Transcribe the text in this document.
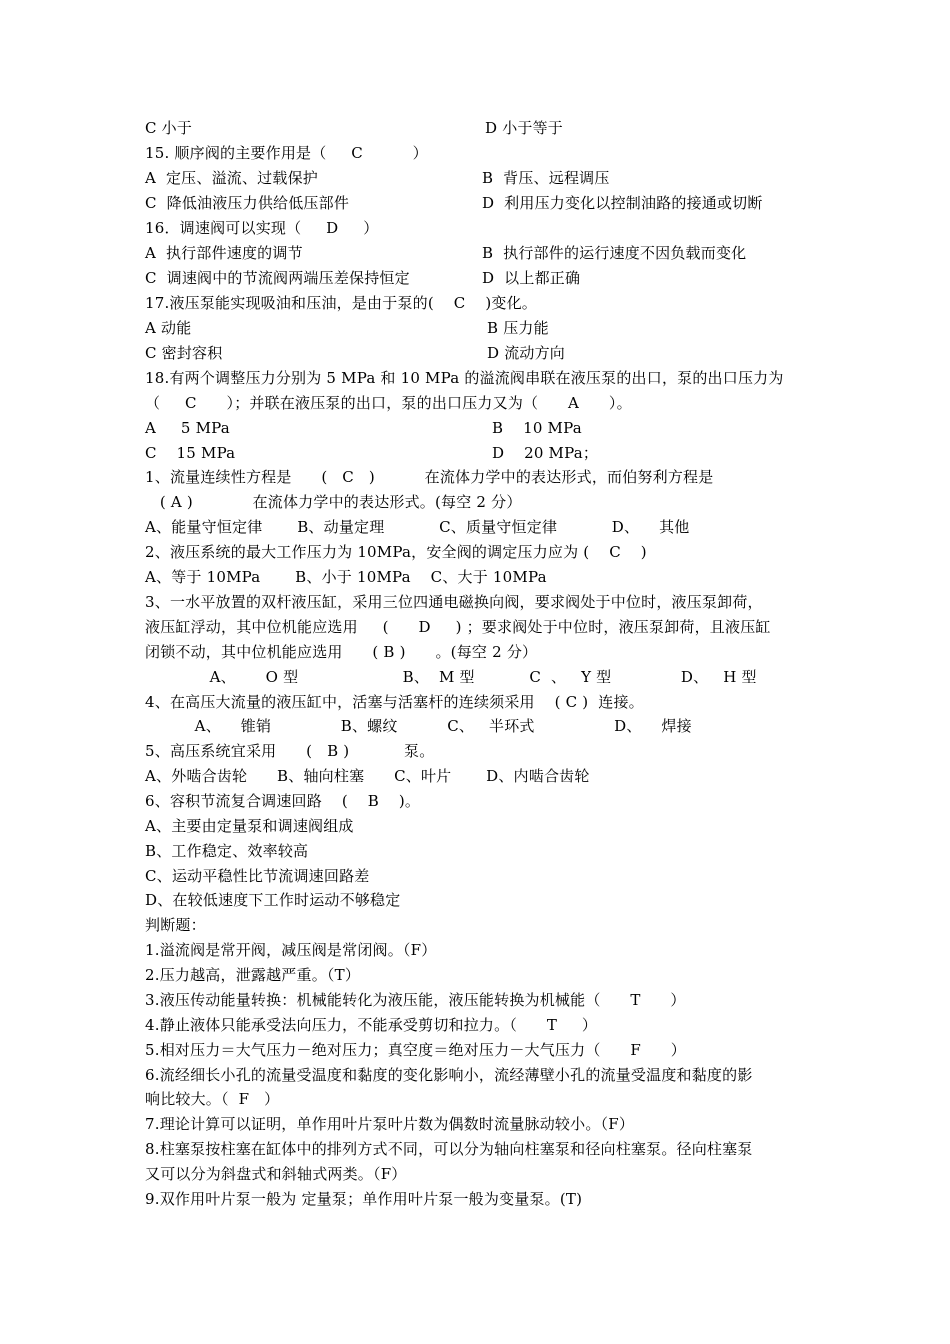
C 小于	D 小于等于
15. 顺序阀的主要作用是（     C          ）
A  定压、溢流、过载保护	B  背压、远程调压
C  降低油液压力供给低压部件	D  利用压力变化以控制油路的接通或切断
16．调速阀可以实现（     D     ）
A  执行部件速度的调节	B  执行部件的运行速度不因负载而变化
C  调速阀中的节流阀两端压差保持恒定	D  以上都正确
17.液压泵能实现吸油和压油，是由于泵的(    C    )变化。
A 动能	B 压力能
C 密封容积	D 流动方向
18.有两个调整压力分别为 5 MPa 和 10 MPa 的溢流阀串联在液压泵的出口，泵的出口压力为
（     C      ）；并联在液压泵的出口，泵的出口压力又为（      A      ）。
A     5 MPa	B    10 MPa
C    15 MPa	D    20 MPa；
1、流量连续性方程是      (   C   )          在流体力学中的表达形式，而伯努利方程是
( A )            在流体力学中的表达形式。(每空 2 分）
A、能量守恒定律       B、动量定理           C、质量守恒定律           D、    其他
2、液压系统的最大工作压力为 10MPa，安全阀的调定压力应为 (    C    )
A、等于 10MPa       B、小于 10MPa    C、大于 10MPa
3、一水平放置的双杆液压缸，采用三位四通电磁换向阀，要求阀处于中位时，液压泵卸荷，
液压缸浮动，其中位机能应选用     (      D     ) ；要求阀处于中位时，液压泵卸荷，且液压缸
闭锁不动，其中位机能应选用      ( B )      。(每空 2 分）
A、      O 型                     B、  M 型           C  、   Y 型              D、   H 型
4、在高压大流量的液压缸中，活塞与活塞杆的连续须采用    ( C )  连接。
A、    锥销              B、螺纹          C、   半环式                D、    焊接
5、高压系统宜采用      (   B )           泵。
A、外啮合齿轮      B、轴向柱塞      C、叶片       D、内啮合齿轮
6、容积节流复合调速回路    (    B    )。
A、主要由定量泵和调速阀组成
B、工作稳定、效率较高
C、运动平稳性比节流调速回路差
D、在较低速度下工作时运动不够稳定
判断题：
1.溢流阀是常开阀，减压阀是常闭阀。（F）
2.压力越高，泄露越严重。（T）
3.液压传动能量转换：机械能转化为液压能，液压能转换为机械能（      T      ）
4.静止液体只能承受法向压力，不能承受剪切和拉力。（      T     ）
5.相对压力＝大气压力－绝对压力；真空度＝绝对压力－大气压力（      F      ）
6.流经细长小孔的流量受温度和黏度的变化影响小，流经薄壁小孔的流量受温度和黏度的影
响比较大。（  F   ）
7.理论计算可以证明，单作用叶片泵叶片数为偶数时流量脉动较小。（F）
8.柱塞泵按柱塞在缸体中的排列方式不同，可以分为轴向柱塞泵和径向柱塞泵。径向柱塞泵
又可以分为斜盘式和斜轴式两类。（F）
9.双作用叶片泵一般为 定量泵；单作用叶片泵一般为变量泵。(T)
